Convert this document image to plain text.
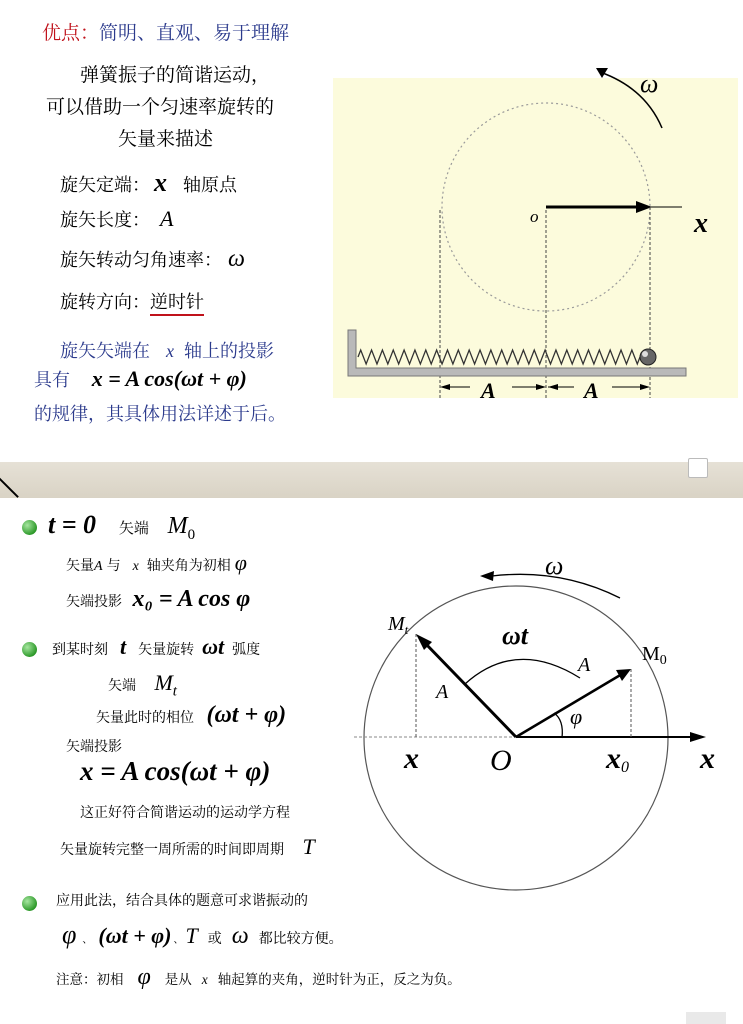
优点：简明、直观、易于理解
弹簧振子的简谐运动，
可以借助一个匀速率旋转的
矢量来描述
旋矢定端： x 轴原点
旋矢长度： A
旋矢转动匀角速率： ω
旋转方向：逆时针
旋矢矢端在 x 轴上的投影
具有 x = A cos(ωt + φ)
的规律，其具体用法详述于后。
ω
o	x
A	A
t = 0 矢端 $M_0$
矢量A 与 x 轴夹角为初相 φ
矢端投影 x₀ = A cos φ
到某时刻 t 矢量旋转 ωt 弧度
矢端 $M_t$
矢量此时的相位 (ωt + φ)
矢端投影
x = A cos(ωt + φ)
这正好符合简谐运动的运动学方程
矢量旋转完整一周所需的时间即周期 T
应用此法，结合具体的题意可求谐振动的
φ 、 (ωt + φ) 、T 或 ω 都比较方便。
注意：初相 φ 是从 x 轴起算的夹角，逆时针为正，反之为负。
ω
$M_t$
$M_0$
ωt
A
A
φ
x O	x0 x
